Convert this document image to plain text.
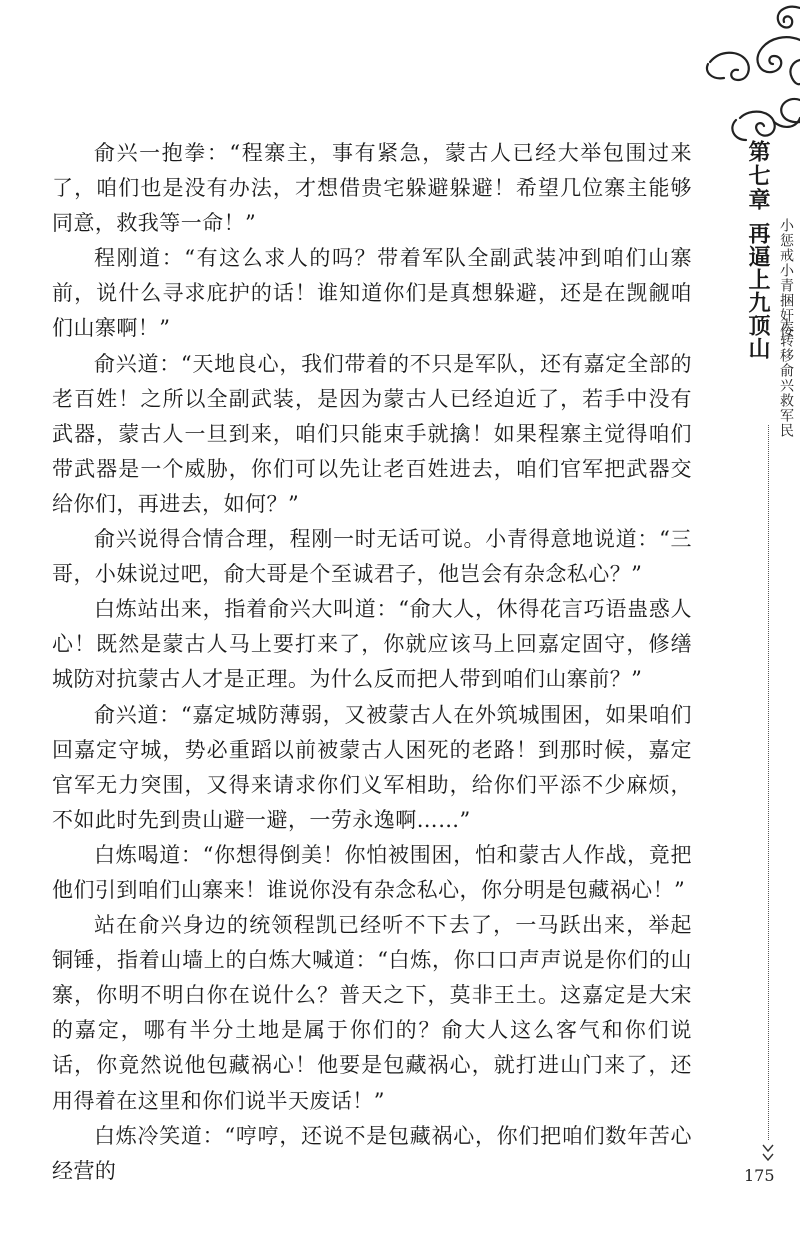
第七章
再逼上九顶山 小惩戒小青捆奸佞
大转移俞兴救军民
175

俞兴一抱拳：“程寨主，事有紧急，蒙古人已经大举包围过来了，咱们也是没有办法，才想借贵宅躲避躲避！希望几位寨主能够同意，救我等一命！”

程刚道：“有这么求人的吗？带着军队全副武装冲到咱们山寨前，说什么寻求庇护的话！谁知道你们是真想躲避，还是在觊觎咱们山寨啊！”

俞兴道：“天地良心，我们带着的不只是军队，还有嘉定全部的老百姓！之所以全副武装，是因为蒙古人已经迫近了，若手中没有武器，蒙古人一旦到来，咱们只能束手就擒！如果程寨主觉得咱们带武器是一个威胁，你们可以先让老百姓进去，咱们官军把武器交给你们，再进去，如何？”

俞兴说得合情合理，程刚一时无话可说。小青得意地说道：“三哥，小妹说过吧，俞大哥是个至诚君子，他岂会有杂念私心？”

白炼站出来，指着俞兴大叫道：“俞大人，休得花言巧语蛊惑人心！既然是蒙古人马上要打来了，你就应该马上回嘉定固守，修缮城防对抗蒙古人才是正理。为什么反而把人带到咱们山寨前？”

俞兴道：“嘉定城防薄弱，又被蒙古人在外筑城围困，如果咱们回嘉定守城，势必重蹈以前被蒙古人困死的老路！到那时候，嘉定官军无力突围，又得来请求你们义军相助，给你们平添不少麻烦，不如此时先到贵山避一避，一劳永逸啊……”

白炼喝道：“你想得倒美！你怕被围困，怕和蒙古人作战，竟把他们引到咱们山寨来！谁说你没有杂念私心，你分明是包藏祸心！”

站在俞兴身边的统领程凯已经听不下去了，一马跃出来，举起铜锤，指着山墙上的白炼大喊道：“白炼，你口口声声说是你们的山寨，你明不明白你在说什么？普天之下，莫非王土。这嘉定是大宋的嘉定，哪有半分土地是属于你们的？俞大人这么客气和你们说话，你竟然说他包藏祸心！他要是包藏祸心，就打进山门来了，还用得着在这里和你们说半天废话！”

白炼冷笑道：“哼哼，还说不是包藏祸心，你们把咱们数年苦心经营的
